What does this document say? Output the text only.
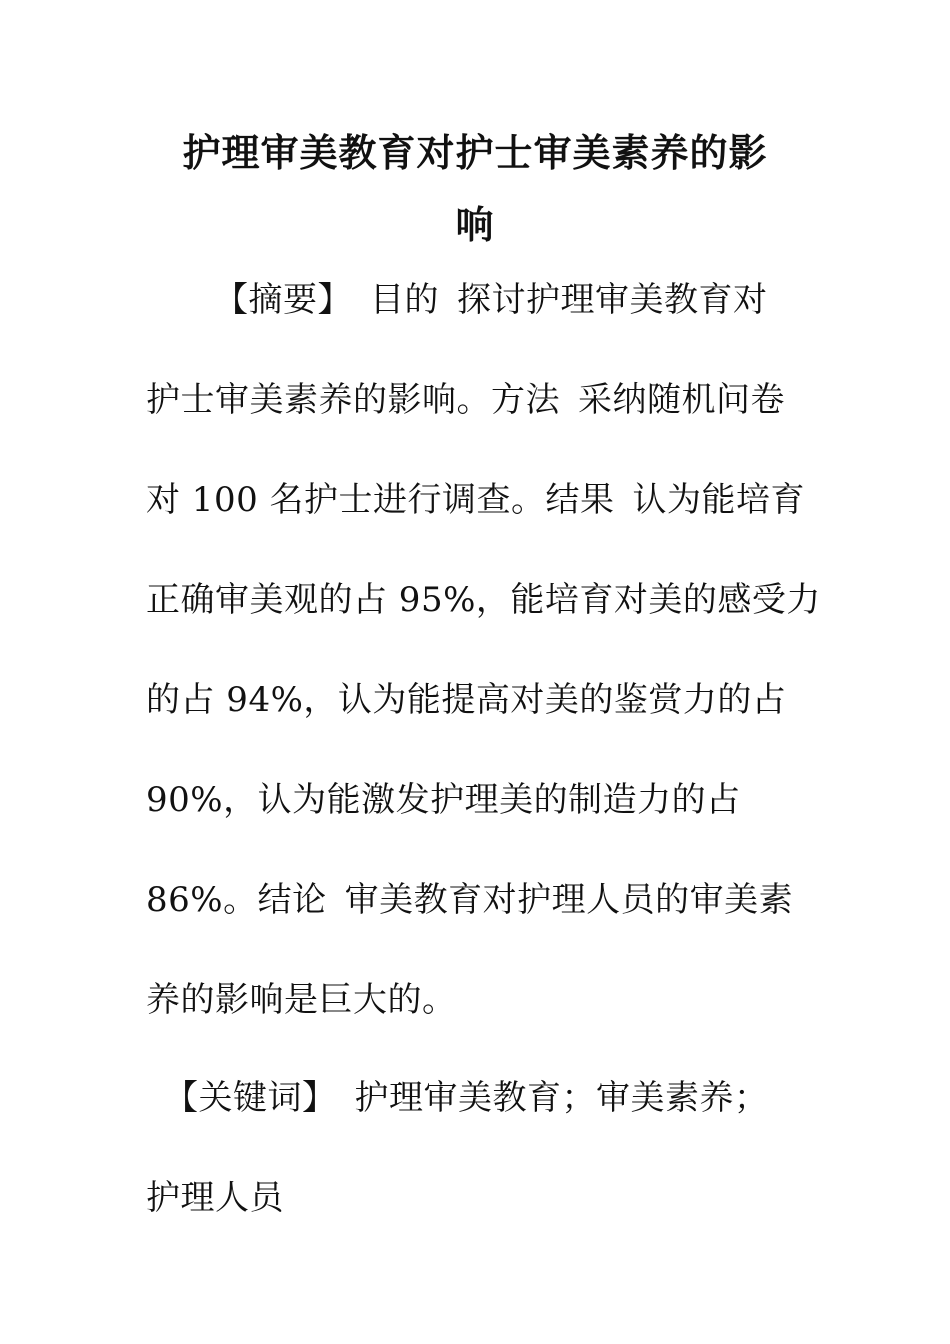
护理审美教育对护士审美素养的影
响
【摘要】 目的 探讨护理审美教育对
护士审美素养的影响。方法 采纳随机问卷
对 100 名护士进行调查。结果 认为能培育
正确审美观的占 95%，能培育对美的感受力
的占 94%，认为能提高对美的鉴赏力的占
90%，认为能激发护理美的制造力的占
86%。结论 审美教育对护理人员的审美素
养的影响是巨大的。
【关键词】 护理审美教育；审美素养；
护理人员
